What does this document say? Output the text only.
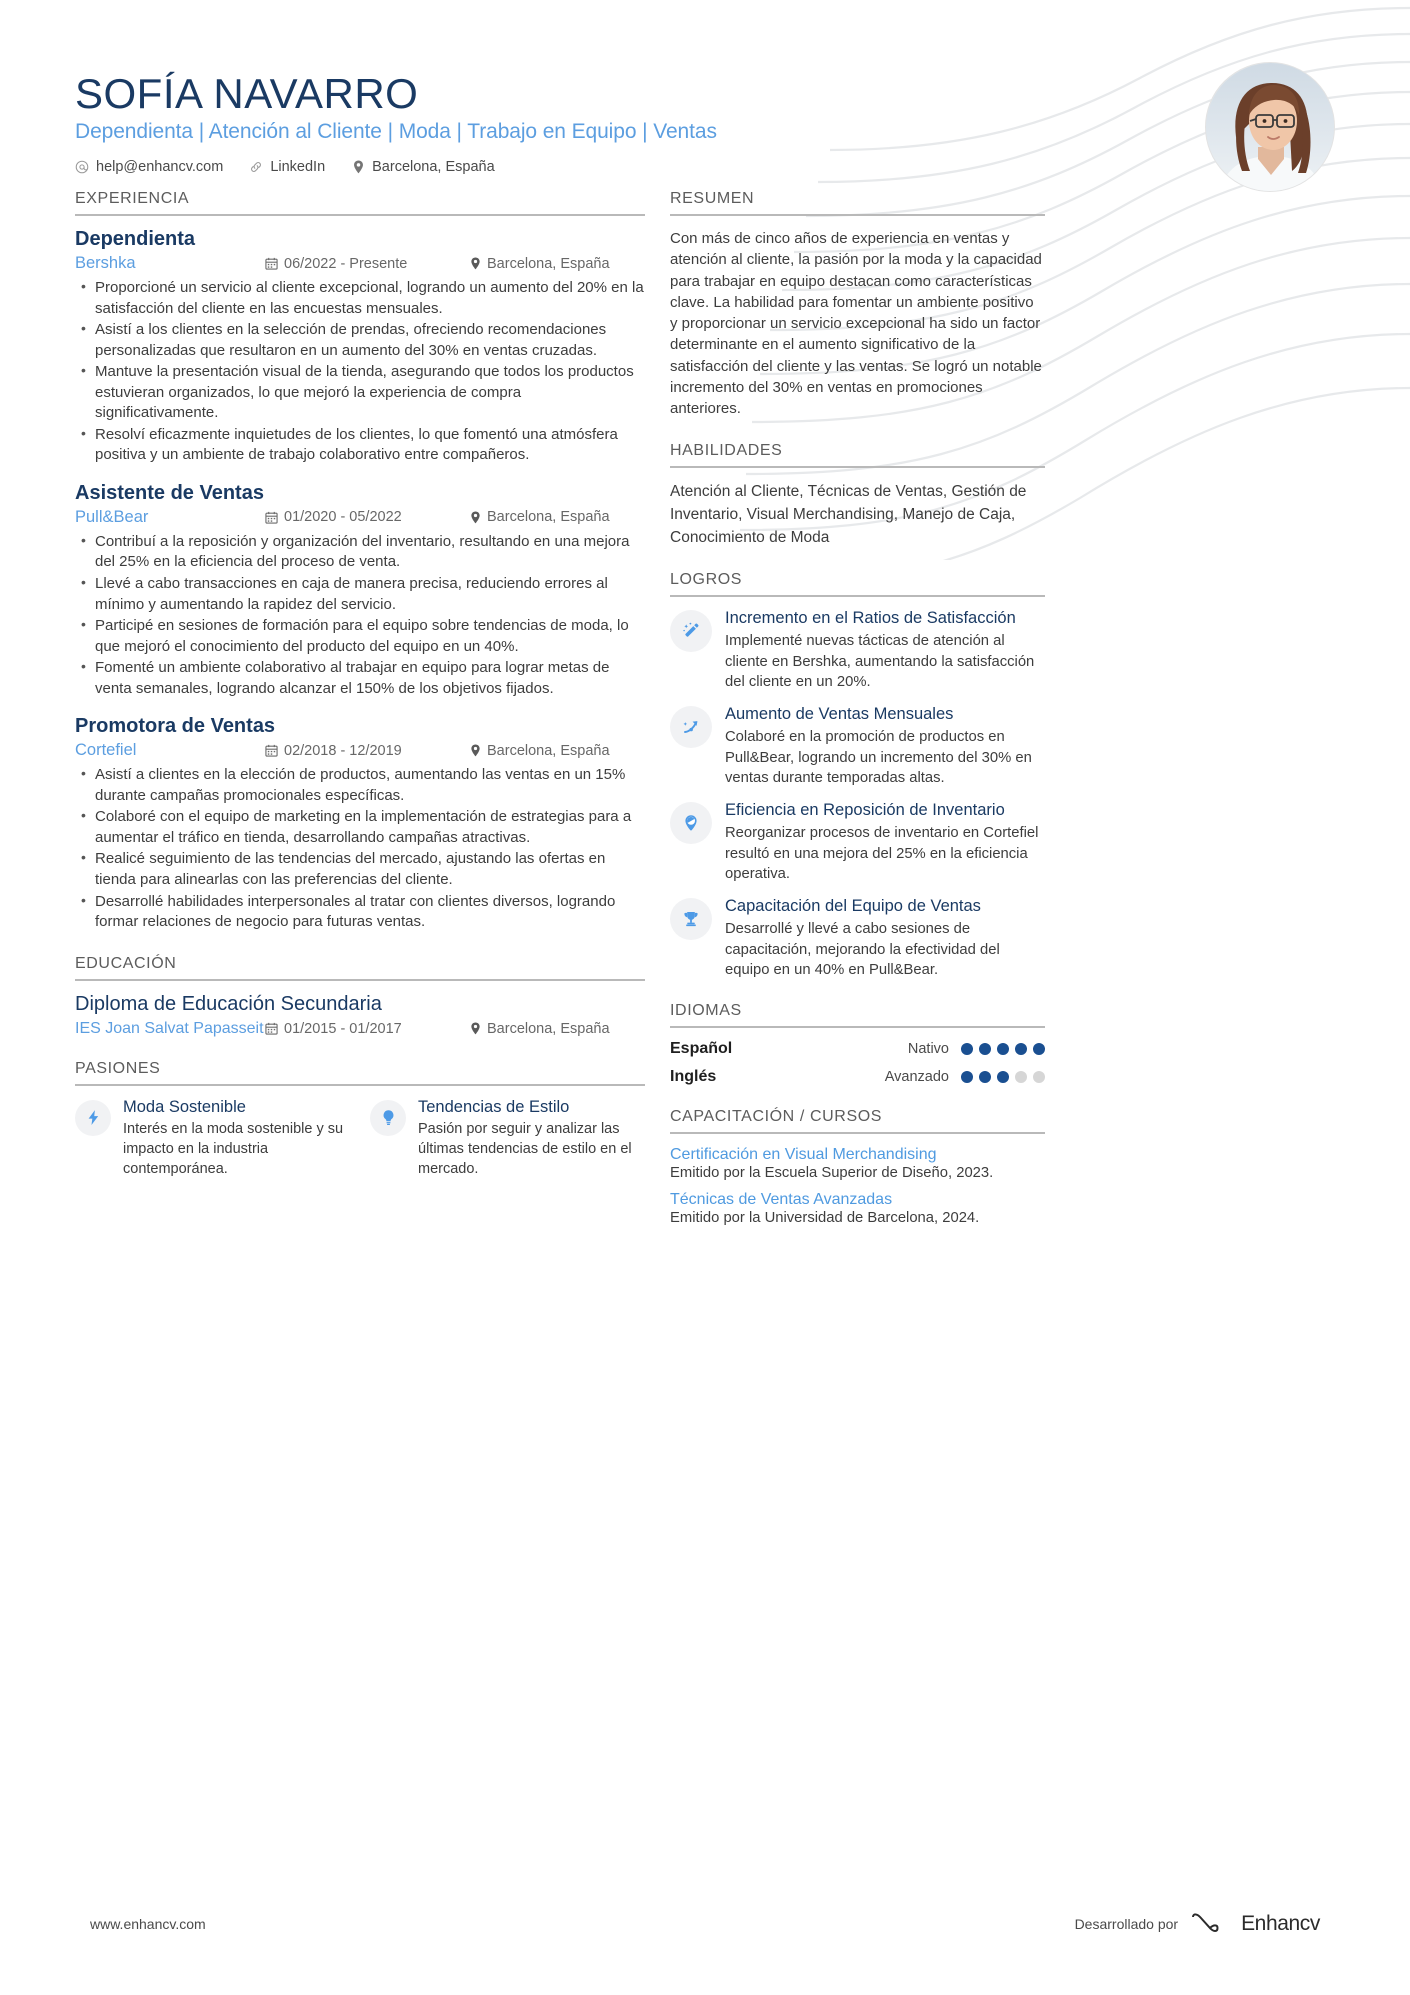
SOFÍA NAVARRO
Dependienta | Atención al Cliente | Moda | Trabajo en Equipo | Ventas
help@enhancv.com	LinkedIn	Barcelona, España
EXPERIENCIA
Dependienta
Bershka	06/2022 - Presente	Barcelona, España
• Proporcioné un servicio al cliente excepcional, logrando un aumento del 20% en la satisfacción del cliente en las encuestas mensuales.
• Asistí a los clientes en la selección de prendas, ofreciendo recomendaciones personalizadas que resultaron en un aumento del 30% en ventas cruzadas.
• Mantuve la presentación visual de la tienda, asegurando que todos los productos estuvieran organizados, lo que mejoró la experiencia de compra significativamente.
• Resolví eficazmente inquietudes de los clientes, lo que fomentó una atmósfera positiva y un ambiente de trabajo colaborativo entre compañeros.
Asistente de Ventas
Pull&Bear	01/2020 - 05/2022	Barcelona, España
• Contribuí a la reposición y organización del inventario, resultando en una mejora del 25% en la eficiencia del proceso de venta.
• Llevé a cabo transacciones en caja de manera precisa, reduciendo errores al mínimo y aumentando la rapidez del servicio.
• Participé en sesiones de formación para el equipo sobre tendencias de moda, lo que mejoró el conocimiento del producto del equipo en un 40%.
• Fomenté un ambiente colaborativo al trabajar en equipo para lograr metas de venta semanales, logrando alcanzar el 150% de los objetivos fijados.
Promotora de Ventas
Cortefiel	02/2018 - 12/2019	Barcelona, España
• Asistí a clientes en la elección de productos, aumentando las ventas en un 15% durante campañas promocionales específicas.
• Colaboré con el equipo de marketing en la implementación de estrategias para a aumentar el tráfico en tienda, desarrollando campañas atractivas.
• Realicé seguimiento de las tendencias del mercado, ajustando las ofertas en tienda para alinearlas con las preferencias del cliente.
• Desarrollé habilidades interpersonales al tratar con clientes diversos, logrando formar relaciones de negocio para futuras ventas.
EDUCACIÓN
Diploma de Educación Secundaria
IES Joan Salvat Papasseit 01/2015 - 01/2017	Barcelona, España
PASIONES
Moda Sostenible
Interés en la moda sostenible y su impacto en la industria contemporánea.
Tendencias de Estilo
Pasión por seguir y analizar las últimas tendencias de estilo en el mercado.
RESUMEN
Con más de cinco años de experiencia en ventas y atención al cliente, la pasión por la moda y la capacidad para trabajar en equipo destacan como características clave. La habilidad para fomentar un ambiente positivo y proporcionar un servicio excepcional ha sido un factor determinante en el aumento significativo de la satisfacción del cliente y las ventas. Se logró un notable incremento del 30% en ventas en promociones anteriores.
HABILIDADES
Atención al Cliente, Técnicas de Ventas, Gestión de Inventario, Visual Merchandising, Manejo de Caja, Conocimiento de Moda
LOGROS
Incremento en el Ratios de Satisfacción
Implementé nuevas tácticas de atención al cliente en Bershka, aumentando la satisfacción del cliente en un 20%.
Aumento de Ventas Mensuales
Colaboré en la promoción de productos en Pull&Bear, logrando un incremento del 30% en ventas durante temporadas altas.
Eficiencia en Reposición de Inventario
Reorganizar procesos de inventario en Cortefiel resultó en una mejora del 25% en la eficiencia operativa.
Capacitación del Equipo de Ventas
Desarrollé y llevé a cabo sesiones de capacitación, mejorando la efectividad del equipo en un 40% en Pull&Bear.
IDIOMAS
Español	Nativo
Inglés	Avanzado
CAPACITACIÓN / CURSOS
Certificación en Visual Merchandising
Emitido por la Escuela Superior de Diseño, 2023.
Técnicas de Ventas Avanzadas
Emitido por la Universidad de Barcelona, 2024.
www.enhancv.com	Desarrollado por	Enhancv
